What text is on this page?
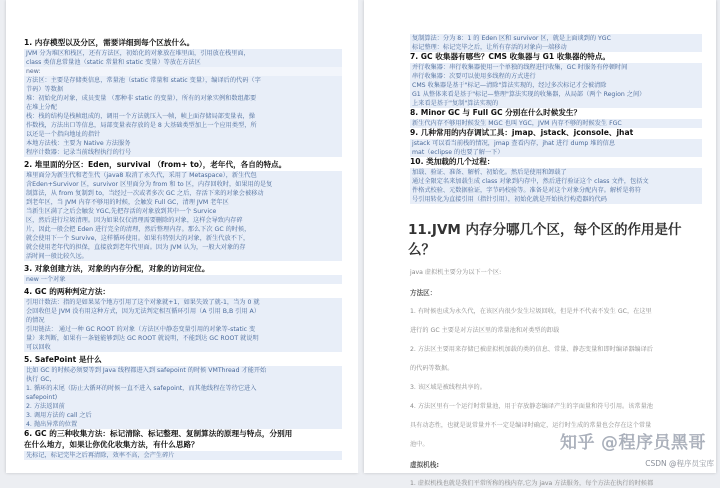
1. 内存模型以及分区，需要详细到每个区放什么。
JVM 分为堆区和栈区，还有方法区，初始化的对象放在堆里面，引用放在栈里面，
class 类信息常量池（static 常量和 static 变量）等放在方法区
new:
方法区：主要是存储类信息，常量池（static 常量和 static 变量），编译后的代码（字
节码）等数据
堆：初始化的对象，成员变量 （那种非 static 的变量），所有的对象实例和数组都要
在堆上分配
栈：栈的结构是栈帧组成的，调用一个方法就压入一帧，帧上面存储局部变量表，操
作数栈，方法出口等信息，局部变量表存放的是 8 大基础类型加上一个应用类型，所
以还是一个指向地址的指针
本地方法栈：主要为 Native 方法服务
程序计数器：记录当前线程执行的行号
2. 堆里面的分区：Eden，survival （from+ to），老年代，各自的特点。
堆里面分为新生代和老生代（java8 取消了永久代，采用了 Metaspace），新生代包
含Eden+Survivor 区，survivor 区里面分为 from 和 to 区，内存回收时，如果用的是复
制算法，从 from 复制到 to，当经过一次或者多次 GC 之后，存活下来的对象会被移动
到老年区，当 JVM 内存不够用的时候，会触发 Full GC，清理 JVM 老年区
当新生区满了之后会触发 YGC,先把存活的对象放到其中一个 Survice
区，然后进行垃圾清理。因为如果仅仅清理需要删除的对象，这样会导致内存碎
片，因此一般会把 Eden 进行完全的清理，然后整理内存。那么下次 GC 的时候，
就会使用下一个 Survive，这样循环使用。如果有特别大的对象，新生代放不下，
就会使用老年代的担保，直接放到老年代里面。因为 JVM 认为，一般大对象的存
活时间一般比较久远。
3. 对象创建方法，对象的内存分配，对象的访问定位。
new 一个对象
4. GC 的两种判定方法：
引用计数法：指的是如果某个地方引用了这个对象就+1，如果失效了就-1，当为 0 就
会回收但是 JVM 没有用这种方式，因为无法判定相互循环引用（A 引用 B,B 引用 A）
的情况
引用链法： 通过一种 GC ROOT 的对象（方法区中静态变量引用的对象等-static 变
量）来判断，如果有一条链能够到达 GC ROOT 就说明，不能到达 GC ROOT 就说明
可以回收
5. SafePoint 是什么
比如 GC 的时候必须要等到 Java 线程都进入到 safepoint 的时候 VMThread 才能开始
执行 GC，
1. 循环的末尾（防止大循环的时候一直不进入 safepoint，而其他线程在等待它进入
safepoint)
2. 方法返回前
3. 调用方法的 call 之后
4. 抛出异常的位置
6. GC 的三种收集方法：标记清除、标记整理、复制算法的原理与特点，分别用
在什么地方，如果让你优化收集方法，有什么思路？
先标记，标记完毕之后再清除，效率不高，会产生碎片
复制算法：分为 8：1 的 Eden 区和 survivor 区，就是上面谈到的 YGC
标记整理：标记完毕之后，让所有存活的对象向一端移动
7. GC 收集器有哪些？CMS 收集器与 G1 收集器的特点。
并行收集器：串行收集器使用一个单独的线程进行收集，GC 时服务有停顿时间
串行收集器：次要可以使用多线程的方式进行
CMS 收集器是基于"标记—清除"算法实现的，经过多次标记才会被清除
G1 从整体来看是基于"标记—整理"算法实现的收集器，从局部（两个 Region 之间）
上来看是基于"复制"算法实现的
8. Minor GC 与 Full GC 分别在什么时候发生？
新生代内存不够用时候发生 MGC 也叫 YGC，JVM 内存不够的时候发生 FGC
9. 几种常用的内存调试工具：jmap、jstack、jconsole、jhat
jstack 可以看当前栈的情况，jmap 查看内存，jhat 进行 dump 堆的信息
mat（eclipse 的也要了解一下）
10. 类加载的几个过程：
加载、验证、准备、解析、初始化。然后是使用和卸载了
通过全限定名来加载生成 class 对象到内存中，然后进行验证这个 class 文件，包括文
件格式校验、元数据验证，字节码校验等。准备是对这个对象分配内存。解析是将符
号引用转化为直接引用（指针引用），初始化就是开始执行构造器的代码
11.JVM 内存分哪几个区，每个区的作用是什么？
java 虚拟机主要分为以下一个区:
方法区：
1. 有时候也成为永久代，在该区内很少发生垃圾回收，但是并不代表不发生 GC，在这里
进行的 GC 主要是对方法区里的常量池和对类型的卸载
2. 方法区主要用来存储已被虚拟机加载的类的信息、常量、静态变量和即时编译器编译后
的代码等数据。
3. 该区域是被线程共享的。
4. 方法区里有一个运行时常量池，用于存放静态编译产生的字面量和符号引用。该常量池
具有动态性，也就是说常量并不一定是编译时确定，运行时生成的常量也会存在这个常量
池中。
虚拟机栈:
1. 虚拟机栈也就是我们平常所称的栈内存,它为 java 方法服务，每个方法在执行的时候都
知乎 @程序员黑哥
CSDN @程序员宝库
